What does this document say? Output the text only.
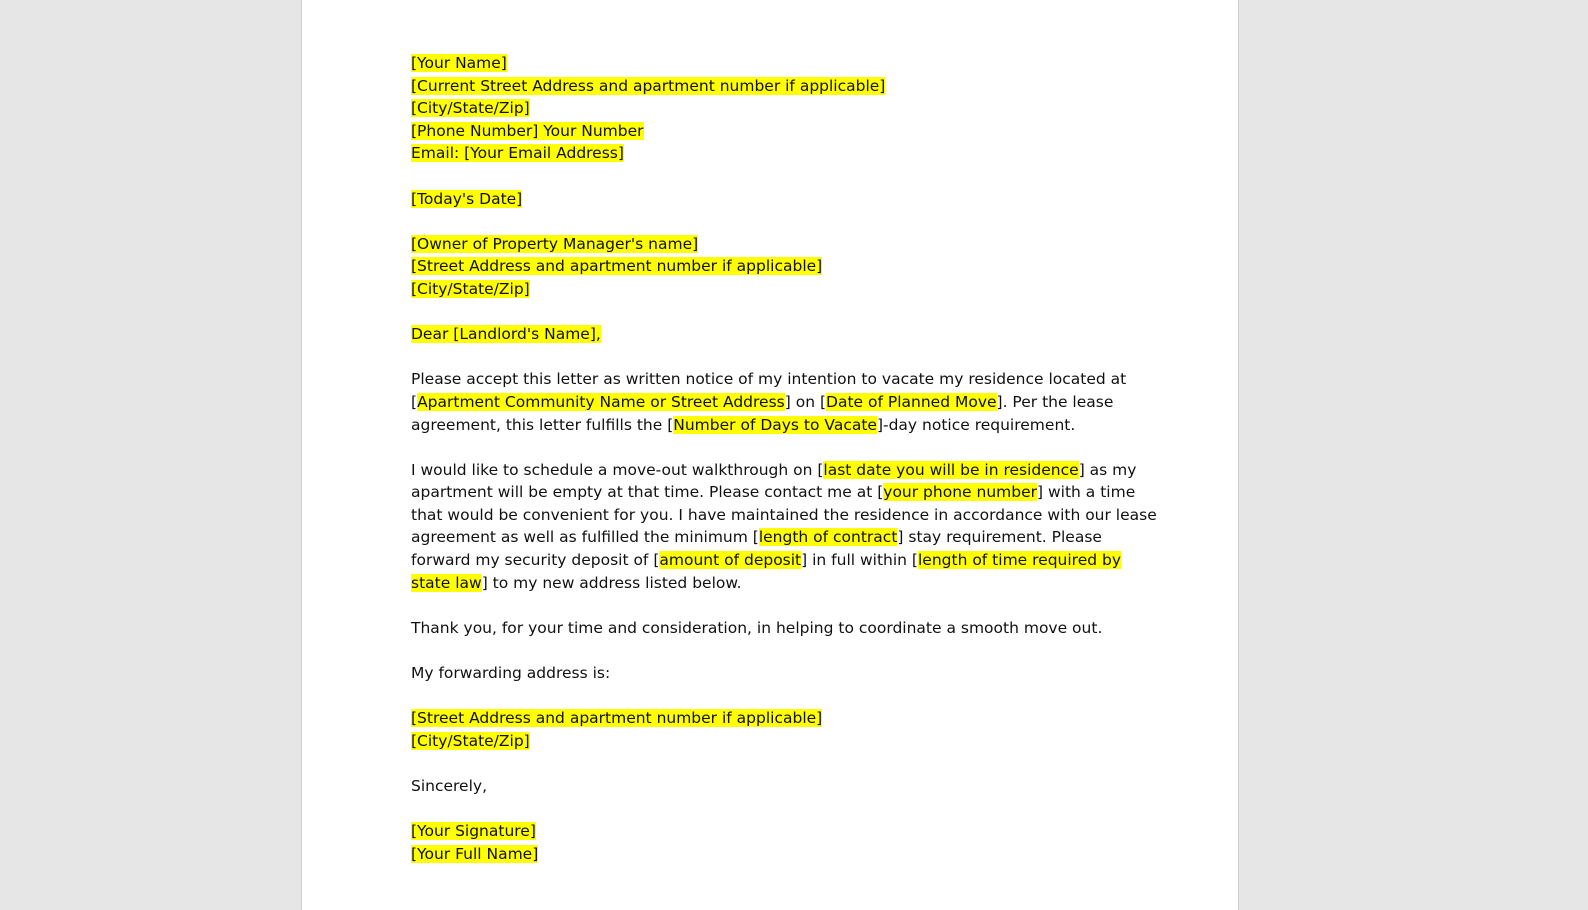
[Your Name]
[Current Street Address and apartment number if applicable]
[City/State/Zip]
[Phone Number] Your Number
Email: [Your Email Address]
[Today's Date]
[Owner of Property Manager's name]
[Street Address and apartment number if applicable]
[City/State/Zip]
Dear [Landlord's Name],
Please accept this letter as written notice of my intention to vacate my residence located at
[Apartment Community Name or Street Address] on [Date of Planned Move]. Per the lease
agreement, this letter fulfills the [Number of Days to Vacate]-day notice requirement.
I would like to schedule a move-out walkthrough on [last date you will be in residence] as my
apartment will be empty at that time. Please contact me at [your phone number] with a time
that would be convenient for you. I have maintained the residence in accordance with our lease
agreement as well as fulfilled the minimum [length of contract] stay requirement. Please
forward my security deposit of [amount of deposit] in full within [length of time required by
state law] to my new address listed below.
Thank you, for your time and consideration, in helping to coordinate a smooth move out.
My forwarding address is:
[Street Address and apartment number if applicable]
[City/State/Zip]
Sincerely,
[Your Signature]
[Your Full Name]
